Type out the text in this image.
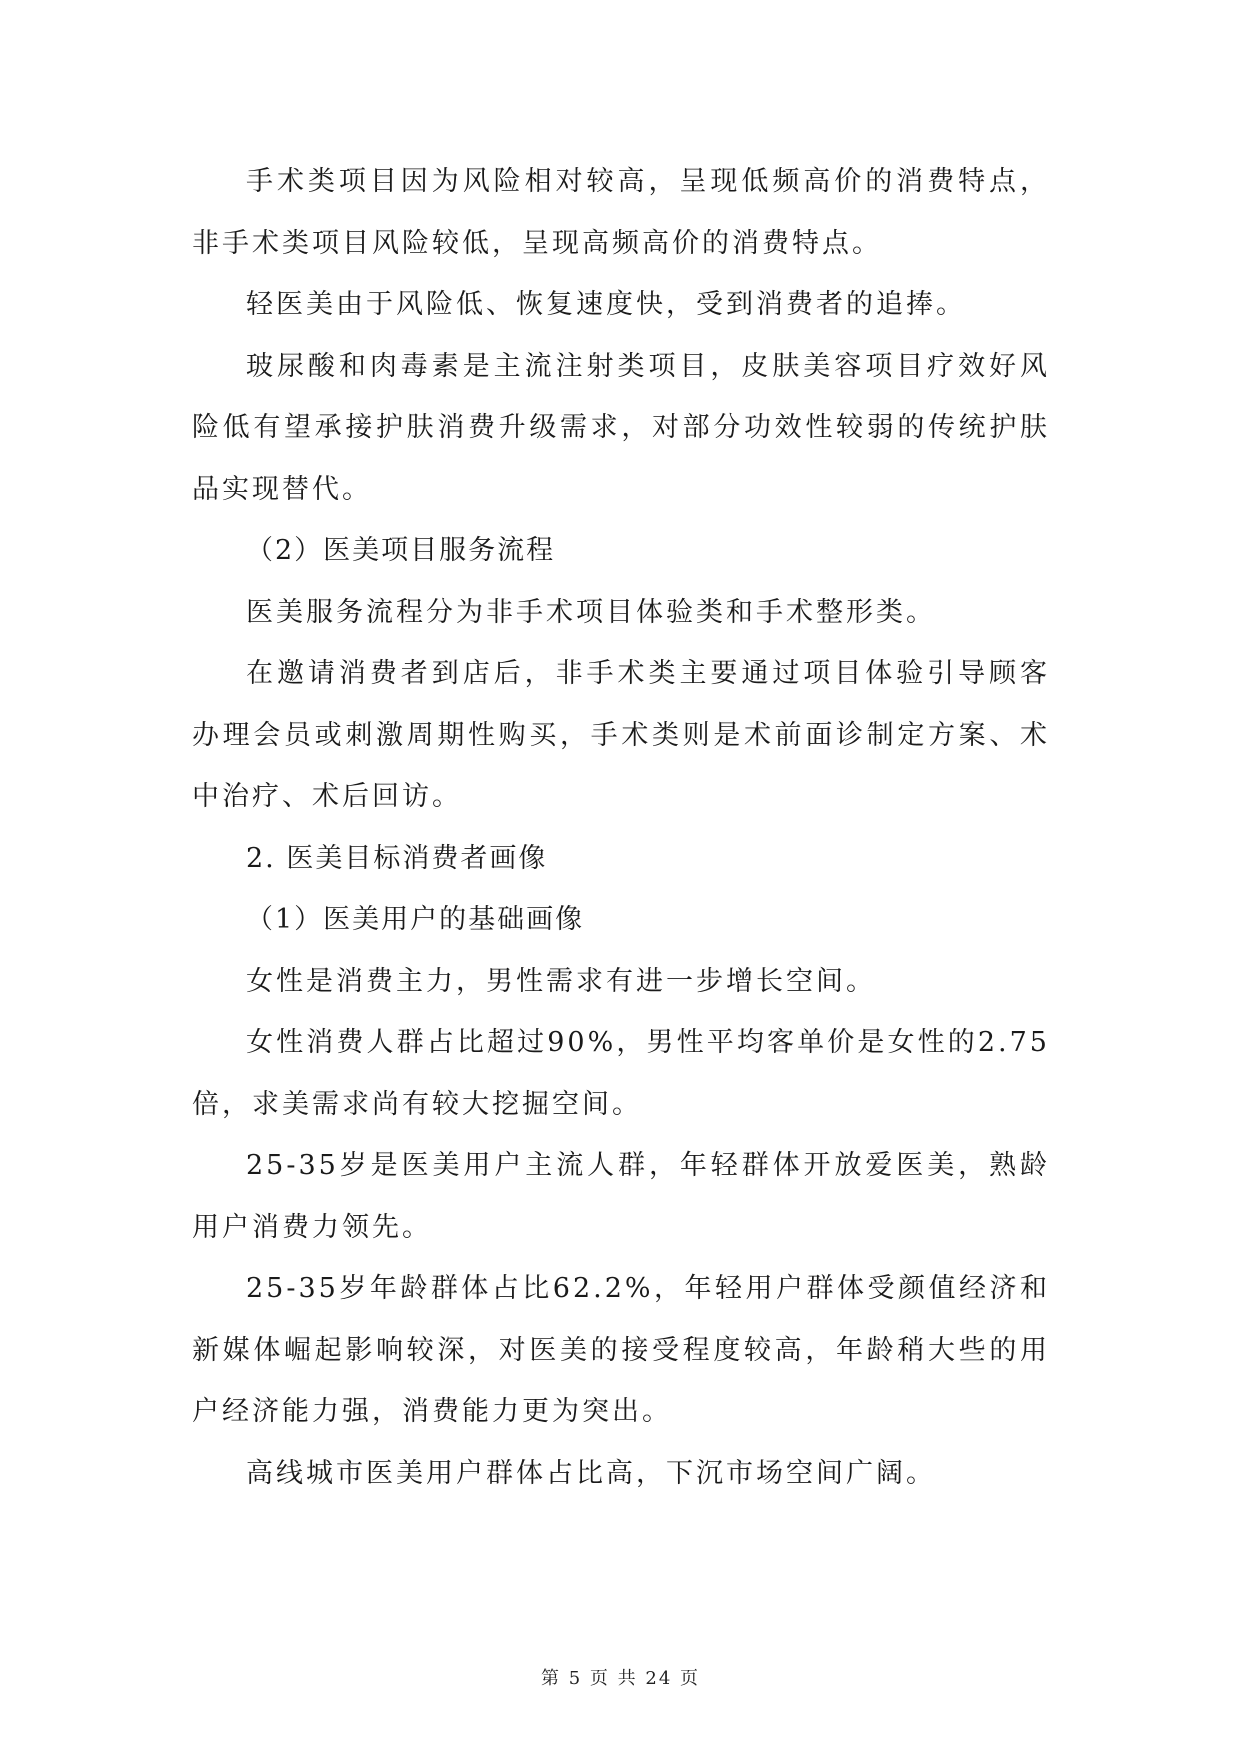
手术类项目因为风险相对较高，呈现低频高价的消费特点，非手术类项目风险较低，呈现高频高价的消费特点。

轻医美由于风险低、恢复速度快，受到消费者的追捧。

玻尿酸和肉毒素是主流注射类项目，皮肤美容项目疗效好风险低有望承接护肤消费升级需求，对部分功效性较弱的传统护肤品实现替代。

（2）医美项目服务流程

医美服务流程分为非手术项目体验类和手术整形类。

在邀请消费者到店后，非手术类主要通过项目体验引导顾客办理会员或刺激周期性购买，手术类则是术前面诊制定方案、术中治疗、术后回访。

2. 医美目标消费者画像

（1）医美用户的基础画像

女性是消费主力，男性需求有进一步增长空间。

女性消费人群占比超过90%，男性平均客单价是女性的2.75倍，求美需求尚有较大挖掘空间。

25-35岁是医美用户主流人群，年轻群体开放爱医美，熟龄用户消费力领先。

25-35岁年龄群体占比62.2%，年轻用户群体受颜值经济和新媒体崛起影响较深，对医美的接受程度较高，年龄稍大些的用户经济能力强，消费能力更为突出。

高线城市医美用户群体占比高，下沉市场空间广阔。

第 5 页 共 24 页
